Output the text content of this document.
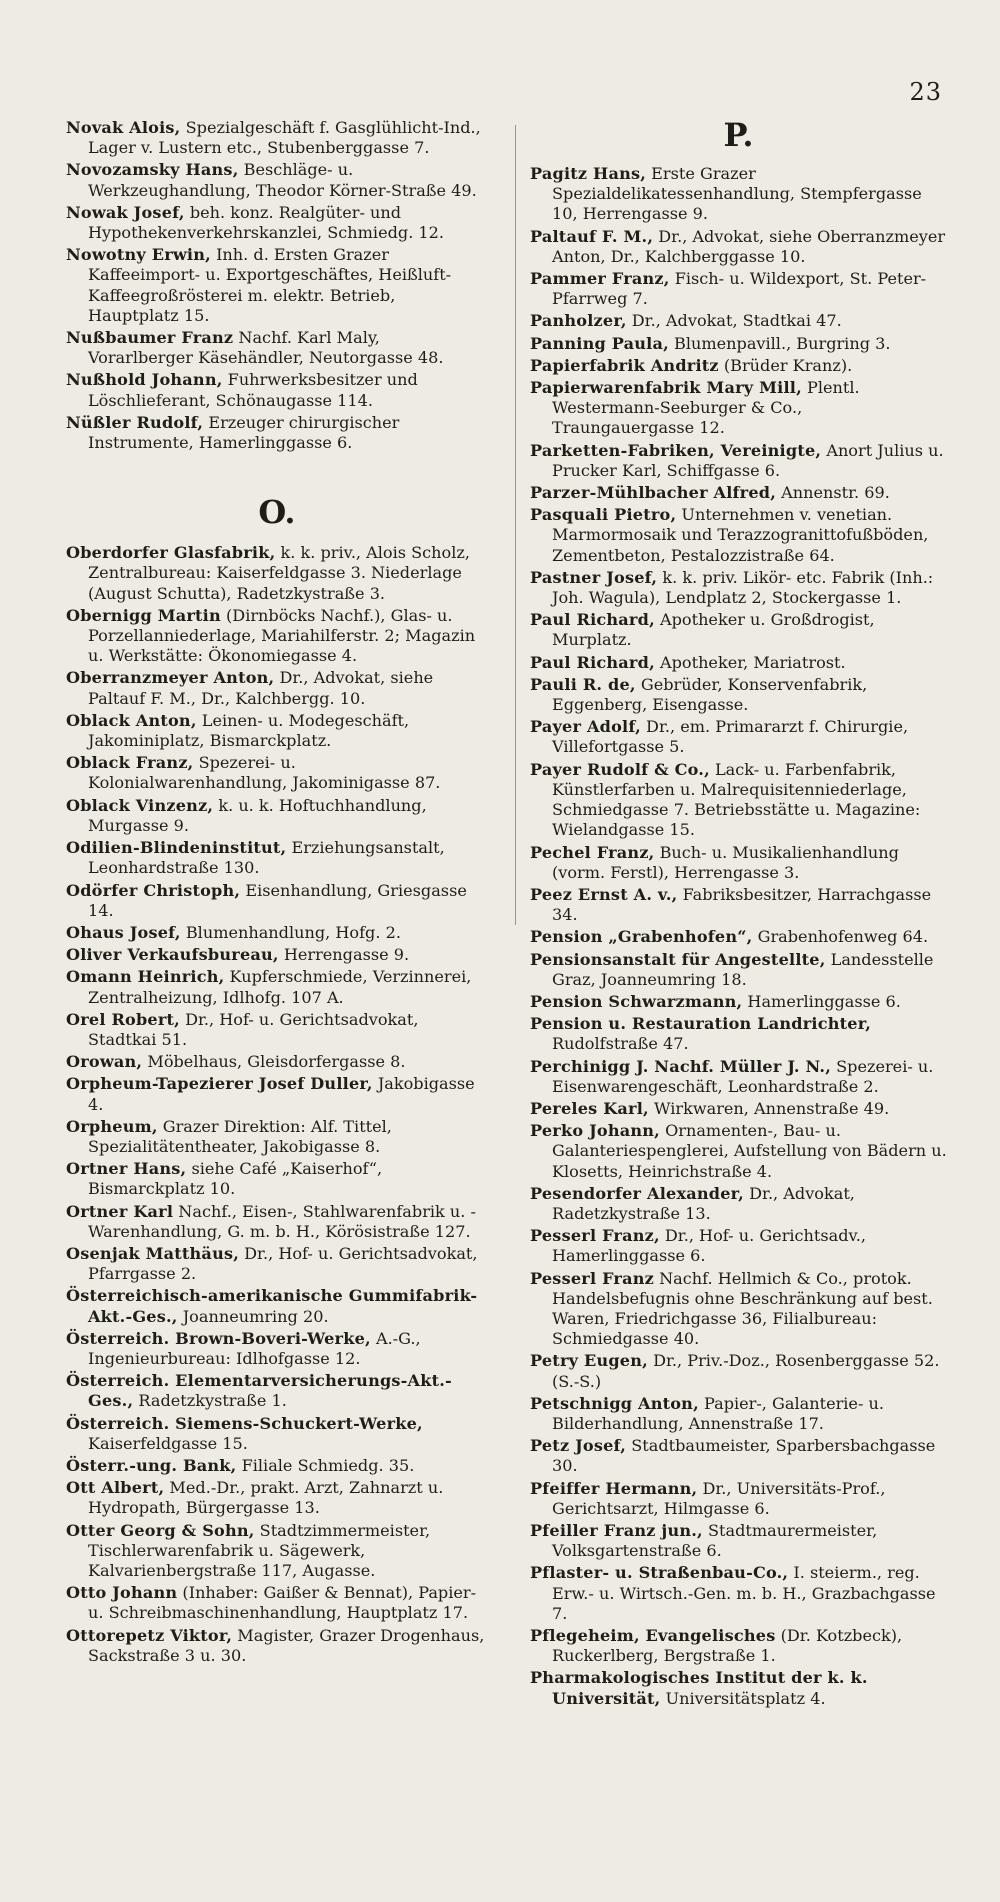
23
Novak Alois, Spezialgeschäft f. Gasglühlicht-Ind., Lager v. Lustern etc., Stubenberggasse 7.
Novozamsky Hans, Beschläge- u. Werkzeughandlung, Theodor Körner-Straße 49.
Nowak Josef, beh. konz. Realgüter- und Hypothekenverkehrskanzlei, Schmiedg. 12.
Nowotny Erwin, Inh. d. Ersten Grazer Kaffeeimport- u. Exportgeschäftes, Heißluft-Kaffeegroßrösterei m. elektr. Betrieb, Hauptplatz 15.
Nußbaumer Franz Nachf. Karl Maly, Vorarlberger Käsehändler, Neutorgasse 48.
Nußhold Johann, Fuhrwerksbesitzer und Löschlieferant, Schönaugasse 114.
Nüßler Rudolf, Erzeuger chirurgischer Instrumente, Hamerlinggasse 6.
O.
Oberdorfer Glasfabrik, k. k. priv., Alois Scholz, Zentralbureau: Kaiserfeldgasse 3. Niederlage (August Schutta), Radetzkystraße 3.
Obernigg Martin (Dirnböcks Nachf.), Glas- u. Porzellanniederlage, Mariahilferstr. 2; Magazin u. Werkstätte: Ökonomiegasse 4.
Oberranzmeyer Anton, Dr., Advokat, siehe Paltauf F. M., Dr., Kalchbergg. 10.
Oblack Anton, Leinen- u. Modegeschäft, Jakominiplatz, Bismarckplatz.
Oblack Franz, Spezerei- u. Kolonialwarenhandlung, Jakominigasse 87.
Oblack Vinzenz, k. u. k. Hoftuchhandlung, Murgasse 9.
Odilien-Blindeninstitut, Erziehungsanstalt, Leonhardstraße 130.
Odörfer Christoph, Eisenhandlung, Griesgasse 14.
Ohaus Josef, Blumenhandlung, Hofg. 2.
Oliver Verkaufsbureau, Herrengasse 9.
Omann Heinrich, Kupferschmiede, Verzinnerei, Zentralheizung, Idlhofg. 107 A.
Orel Robert, Dr., Hof- u. Gerichtsadvokat, Stadtkai 51.
Orowan, Möbelhaus, Gleisdorfergasse 8.
Orpheum-Tapezierer Josef Duller, Jakobigasse 4.
Orpheum, Grazer Direktion: Alf. Tittel, Spezialitätentheater, Jakobigasse 8.
Ortner Hans, siehe Café „Kaiserhof“, Bismarckplatz 10.
Ortner Karl Nachf., Eisen-, Stahlwarenfabrik u. -Warenhandlung, G. m. b. H., Körösistraße 127.
Osenjak Matthäus, Dr., Hof- u. Gerichtsadvokat, Pfarrgasse 2.
Österreichisch-amerikanische Gummifabrik-Akt.-Ges., Joanneumring 20.
Österreich. Brown-Boveri-Werke, A.-G., Ingenieurbureau: Idlhofgasse 12.
Österreich. Elementarversicherungs-Akt.-Ges., Radetzkystraße 1.
Österreich. Siemens-Schuckert-Werke, Kaiserfeldgasse 15.
Österr.-ung. Bank, Filiale Schmiedg. 35.
Ott Albert, Med.-Dr., prakt. Arzt, Zahnarzt u. Hydropath, Bürgergasse 13.
Otter Georg & Sohn, Stadtzimmermeister, Tischlerwarenfabrik u. Sägewerk, Kalvarienbergstraße 117, Augasse.
Otto Johann (Inhaber: Gaißer & Bennat), Papier- u. Schreibmaschinenhandlung, Hauptplatz 17.
Ottorepetz Viktor, Magister, Grazer Drogenhaus, Sackstraße 3 u. 30.
P.
Pagitz Hans, Erste Grazer Spezialdelikatessenhandlung, Stempfergasse 10, Herrengasse 9.
Paltauf F. M., Dr., Advokat, siehe Oberranzmeyer Anton, Dr., Kalchberggasse 10.
Pammer Franz, Fisch- u. Wildexport, St. Peter-Pfarrweg 7.
Panholzer, Dr., Advokat, Stadtkai 47.
Panning Paula, Blumenpavill., Burgring 3.
Papierfabrik Andritz (Brüder Kranz).
Papierwarenfabrik Mary Mill, Plentl. Westermann-Seeburger & Co., Traungauergasse 12.
Parketten-Fabriken, Vereinigte, Anort Julius u. Prucker Karl, Schiffgasse 6.
Parzer-Mühlbacher Alfred, Annenstr. 69.
Pasquali Pietro, Unternehmen v. venetian. Marmormosaik und Terazzogranittofußböden, Zementbeton, Pestalozzistraße 64.
Pastner Josef, k. k. priv. Likör- etc. Fabrik (Inh.: Joh. Wagula), Lendplatz 2, Stockergasse 1.
Paul Richard, Apotheker u. Großdrogist, Murplatz.
Paul Richard, Apotheker, Mariatrost.
Pauli R. de, Gebrüder, Konservenfabrik, Eggenberg, Eisengasse.
Payer Adolf, Dr., em. Primararzt f. Chirurgie, Villefortgasse 5.
Payer Rudolf & Co., Lack- u. Farbenfabrik, Künstlerfarben u. Malrequisitenniederlage, Schmiedgasse 7. Betriebsstätte u. Magazine: Wielandgasse 15.
Pechel Franz, Buch- u. Musikalienhandlung (vorm. Ferstl), Herrengasse 3.
Peez Ernst A. v., Fabriksbesitzer, Harrachgasse 34.
Pension „Grabenhofen“, Grabenhofenweg 64.
Pensionsanstalt für Angestellte, Landesstelle Graz, Joanneumring 18.
Pension Schwarzmann, Hamerlinggasse 6.
Pension u. Restauration Landrichter, Rudolfstraße 47.
Perchinigg J. Nachf. Müller J. N., Spezerei- u. Eisenwarengeschäft, Leonhardstraße 2.
Pereles Karl, Wirkwaren, Annenstraße 49.
Perko Johann, Ornamenten-, Bau- u. Galanteriespenglerei, Aufstellung von Bädern u. Klosetts, Heinrichstraße 4.
Pesendorfer Alexander, Dr., Advokat, Radetzkystraße 13.
Pesserl Franz, Dr., Hof- u. Gerichtsadv., Hamerlinggasse 6.
Pesserl Franz Nachf. Hellmich & Co., protok. Handelsbefugnis ohne Beschränkung auf best. Waren, Friedrichgasse 36, Filialbureau: Schmiedgasse 40.
Petry Eugen, Dr., Priv.-Doz., Rosenberggasse 52. (S.-S.)
Petschnigg Anton, Papier-, Galanterie- u. Bilderhandlung, Annenstraße 17.
Petz Josef, Stadtbaumeister, Sparbersbachgasse 30.
Pfeiffer Hermann, Dr., Universitäts-Prof., Gerichtsarzt, Hilmgasse 6.
Pfeiller Franz jun., Stadtmaurermeister, Volksgartenstraße 6.
Pflaster- u. Straßenbau-Co., I. steierm., reg. Erw.- u. Wirtsch.-Gen. m. b. H., Grazbachgasse 7.
Pflegeheim, Evangelisches (Dr. Kotzbeck), Ruckerlberg, Bergstraße 1.
Pharmakologisches Institut der k. k. Universität, Universitätsplatz 4.
